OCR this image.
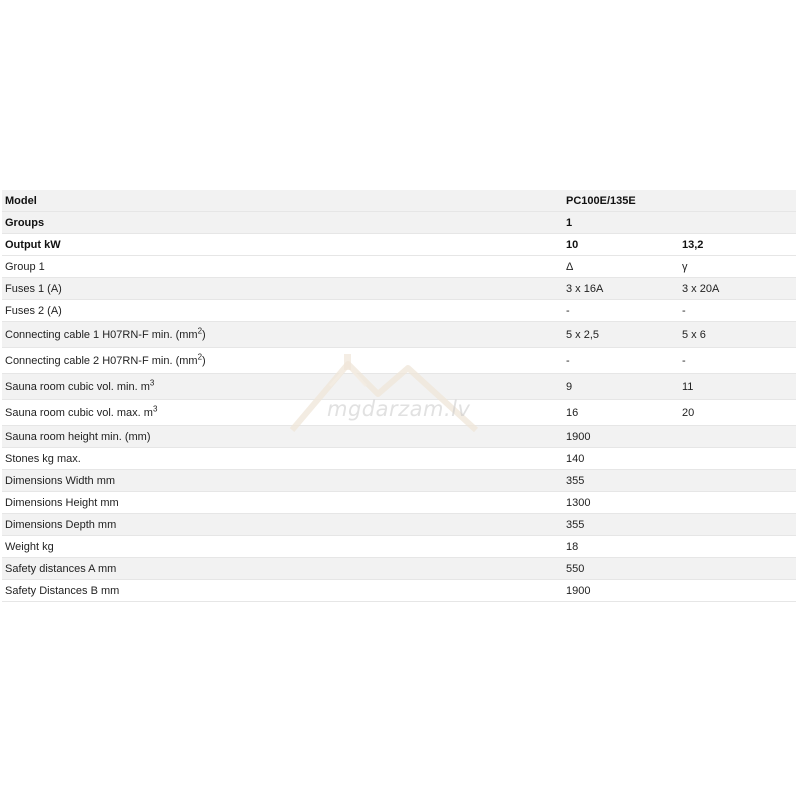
Model	PC100E/135E	
Groups	1	
Output kW	10	13,2
Group 1	Δ	γ
Fuses 1 (A)	3 x 16A	3 x 20A
Fuses 2 (A)	-	-
Connecting cable 1 H07RN-F min. $(mm^2)$	5 x 2,5	5 x 6
Connecting cable 2 H07RN-F min. $(mm^2)$	-	-
Sauna room cubic vol. min. $m^3$	9	11
Sauna room cubic vol. max. $m^3$	16	20
Sauna room height min. (mm)	1900	
Stones kg max.	140	
Dimensions Width mm	355	
Dimensions Height mm	1300	
Dimensions Depth mm	355	
Weight kg	18	
Safety distances A mm	550	
Safety Distances B mm	1900	
mgdarzam.lv
